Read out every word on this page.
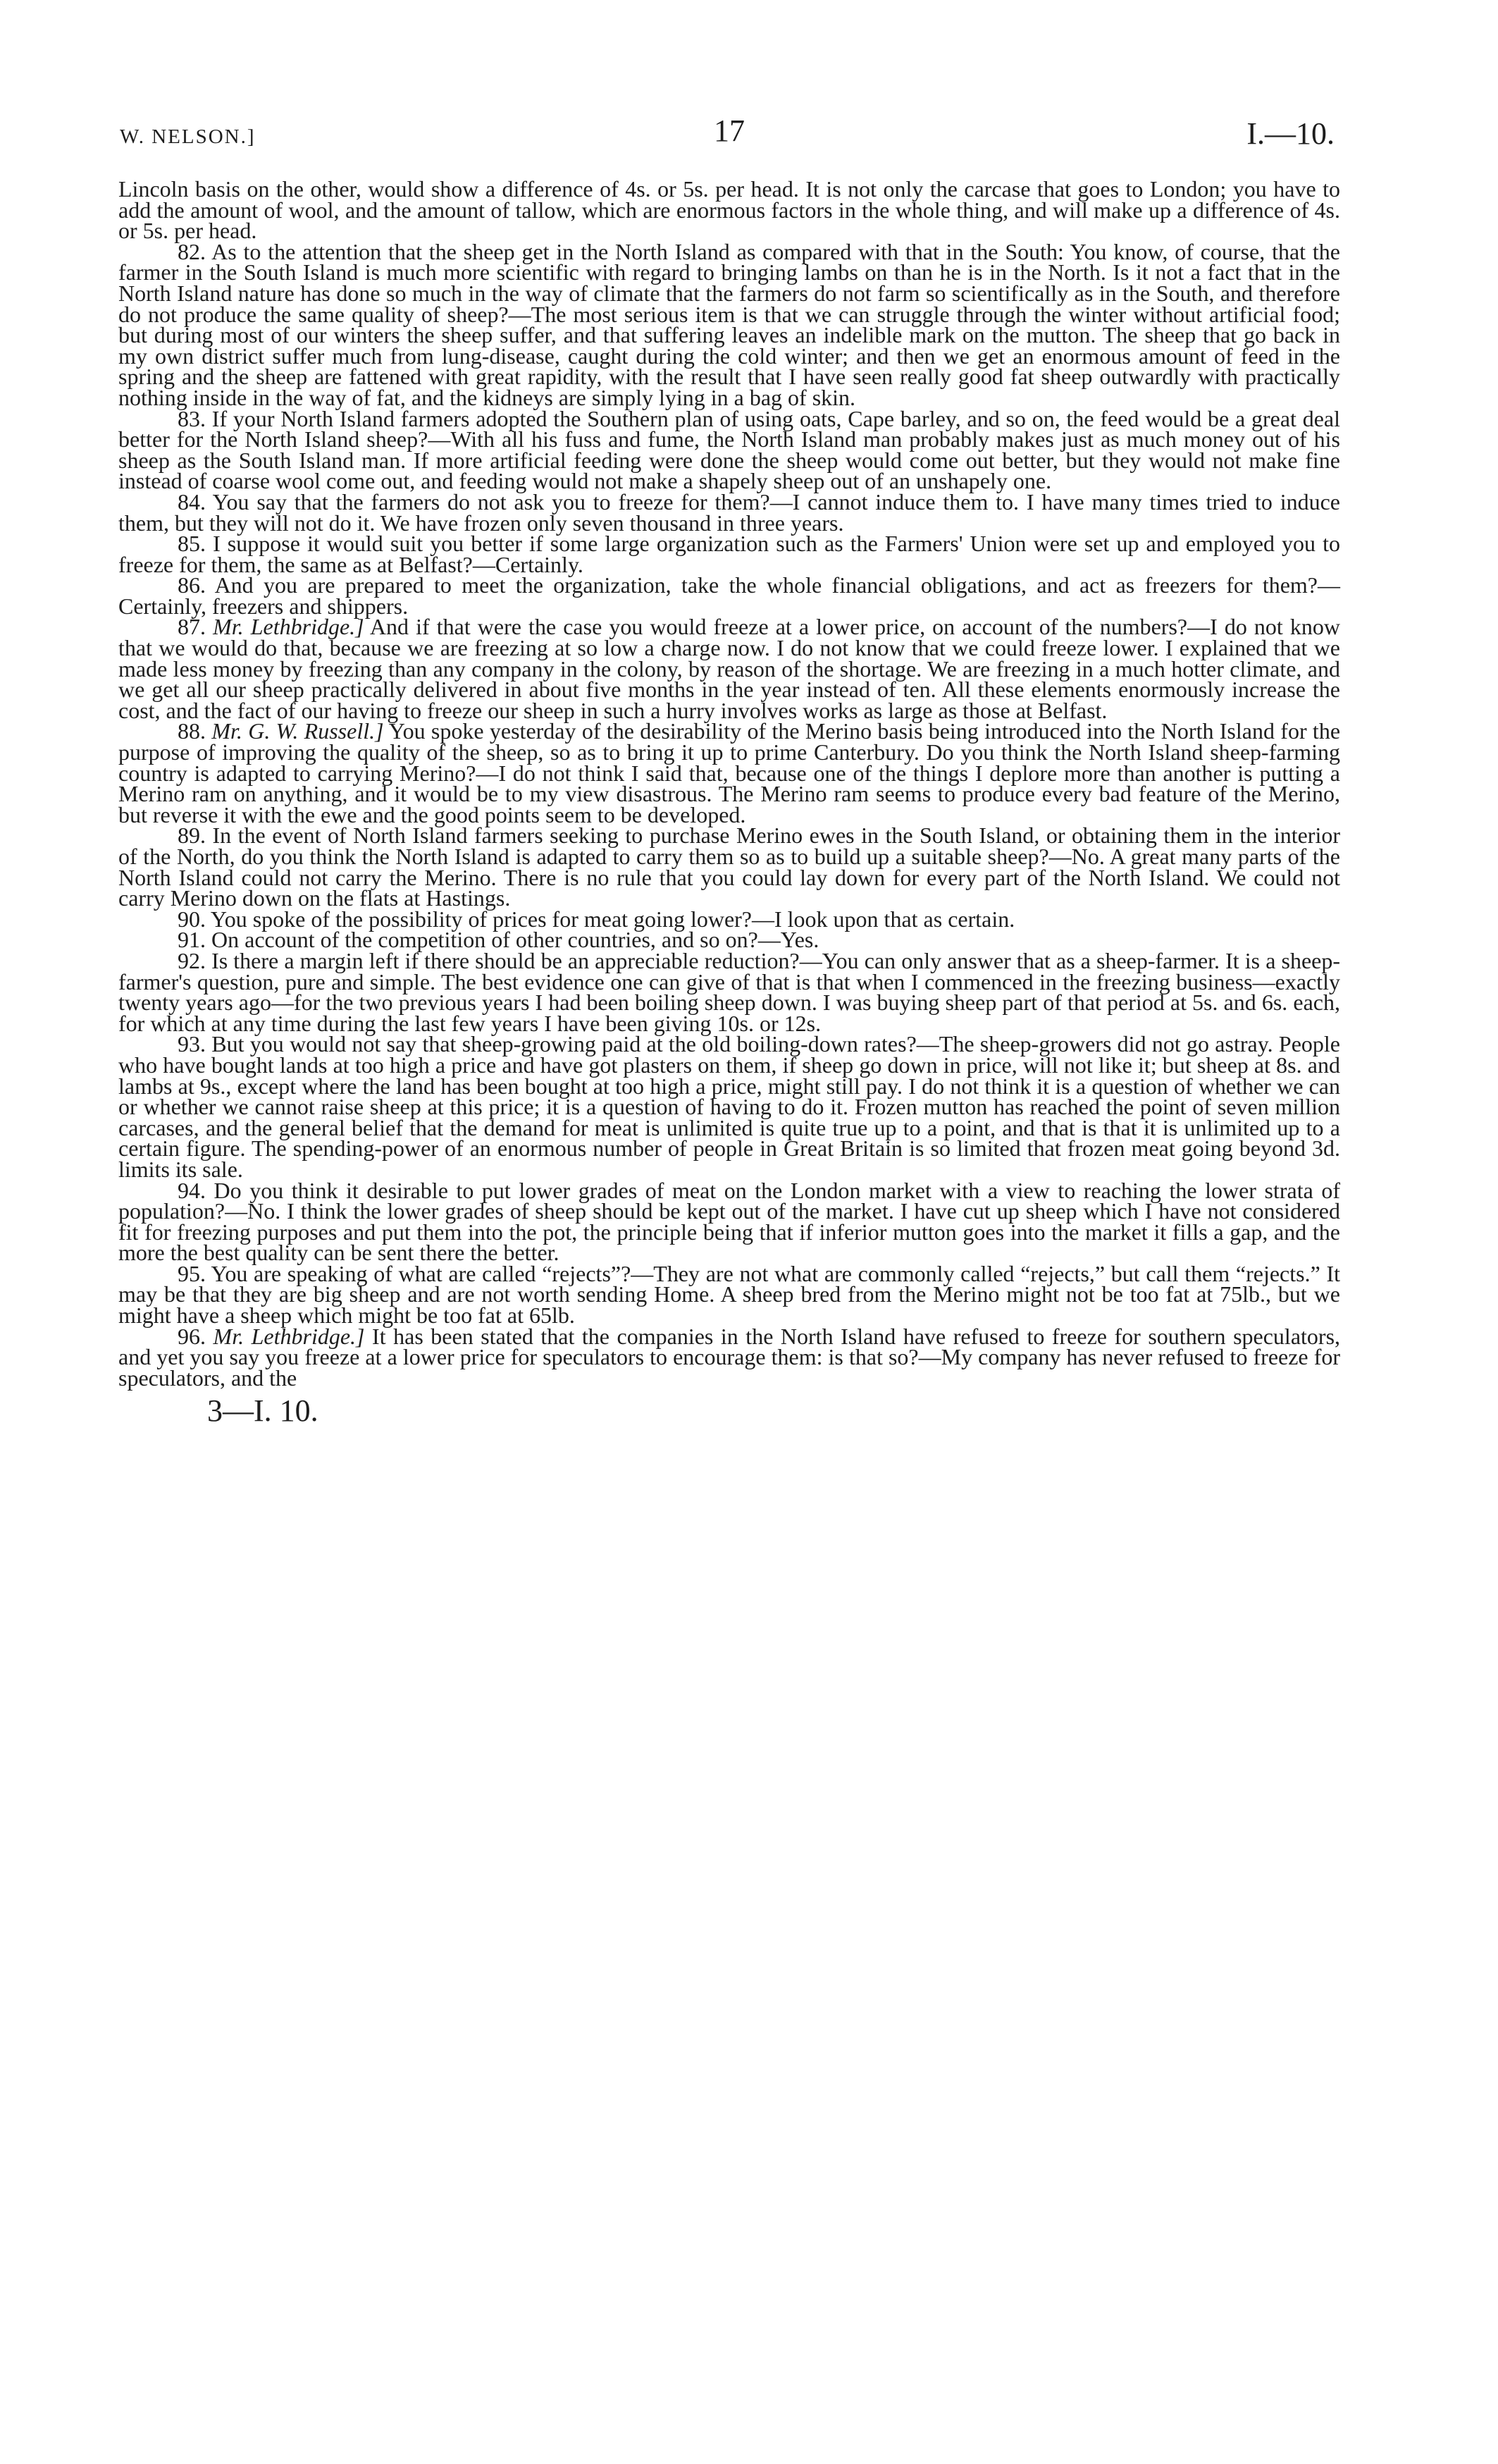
W. NELSON.]	17	I.—10.

Lincoln basis on the other, would show a difference of 4s. or 5s. per head. It is not only the carcase that goes to London; you have to add the amount of wool, and the amount of tallow, which are enormous factors in the whole thing, and will make up a difference of 4s. or 5s. per head.

82. As to the attention that the sheep get in the North Island as compared with that in the South: You know, of course, that the farmer in the South Island is much more scientific with regard to bringing lambs on than he is in the North. Is it not a fact that in the North Island nature has done so much in the way of climate that the farmers do not farm so scientifically as in the South, and therefore do not produce the same quality of sheep?—The most serious item is that we can struggle through the winter without artificial food; but during most of our winters the sheep suffer, and that suffering leaves an indelible mark on the mutton. The sheep that go back in my own district suffer much from lung-disease, caught during the cold winter; and then we get an enormous amount of feed in the spring and the sheep are fattened with great rapidity, with the result that I have seen really good fat sheep outwardly with practically nothing inside in the way of fat, and the kidneys are simply lying in a bag of skin.

83. If your North Island farmers adopted the Southern plan of using oats, Cape barley, and so on, the feed would be a great deal better for the North Island sheep?—With all his fuss and fume, the North Island man probably makes just as much money out of his sheep as the South Island man. If more artificial feeding were done the sheep would come out better, but they would not make fine instead of coarse wool come out, and feeding would not make a shapely sheep out of an unshapely one.

84. You say that the farmers do not ask you to freeze for them?—I cannot induce them to. I have many times tried to induce them, but they will not do it. We have frozen only seven thousand in three years.

85. I suppose it would suit you better if some large organization such as the Farmers' Union were set up and employed you to freeze for them, the same as at Belfast?—Certainly.

86. And you are prepared to meet the organization, take the whole financial obligations, and act as freezers for them?—Certainly, freezers and shippers.

87. Mr. Lethbridge.] And if that were the case you would freeze at a lower price, on account of the numbers?—I do not know that we would do that, because we are freezing at so low a charge now. I do not know that we could freeze lower. I explained that we made less money by freezing than any company in the colony, by reason of the shortage. We are freezing in a much hotter climate, and we get all our sheep practically delivered in about five months in the year instead of ten. All these elements enormously increase the cost, and the fact of our having to freeze our sheep in such a hurry involves works as large as those at Belfast.

88. Mr. G. W. Russell.] You spoke yesterday of the desirability of the Merino basis being introduced into the North Island for the purpose of improving the quality of the sheep, so as to bring it up to prime Canterbury. Do you think the North Island sheep-farming country is adapted to carrying Merino?—I do not think I said that, because one of the things I deplore more than another is putting a Merino ram on anything, and it would be to my view disastrous. The Merino ram seems to produce every bad feature of the Merino, but reverse it with the ewe and the good points seem to be developed.

89. In the event of North Island farmers seeking to purchase Merino ewes in the South Island, or obtaining them in the interior of the North, do you think the North Island is adapted to carry them so as to build up a suitable sheep?—No. A great many parts of the North Island could not carry the Merino. There is no rule that you could lay down for every part of the North Island. We could not carry Merino down on the flats at Hastings.

90. You spoke of the possibility of prices for meat going lower?—I look upon that as certain.

91. On account of the competition of other countries, and so on?—Yes.

92. Is there a margin left if there should be an appreciable reduction?—You can only answer that as a sheep-farmer. It is a sheep-farmer's question, pure and simple. The best evidence one can give of that is that when I commenced in the freezing business—exactly twenty years ago—for the two previous years I had been boiling sheep down. I was buying sheep part of that period at 5s. and 6s. each, for which at any time during the last few years I have been giving 10s. or 12s.

93. But you would not say that sheep-growing paid at the old boiling-down rates?—The sheep-growers did not go astray. People who have bought lands at too high a price and have got plasters on them, if sheep go down in price, will not like it; but sheep at 8s. and lambs at 9s., except where the land has been bought at too high a price, might still pay. I do not think it is a question of whether we can or whether we cannot raise sheep at this price; it is a question of having to do it. Frozen mutton has reached the point of seven million carcases, and the general belief that the demand for meat is unlimited is quite true up to a point, and that is that it is unlimited up to a certain figure. The spending-power of an enormous number of people in Great Britain is so limited that frozen meat going beyond 3d. limits its sale.

94. Do you think it desirable to put lower grades of meat on the London market with a view to reaching the lower strata of population?—No. I think the lower grades of sheep should be kept out of the market. I have cut up sheep which I have not considered fit for freezing purposes and put them into the pot, the principle being that if inferior mutton goes into the market it fills a gap, and the more the best quality can be sent there the better.

95. You are speaking of what are called “rejects”?—They are not what are commonly called “rejects,” but call them “rejects.” It may be that they are big sheep and are not worth sending Home. A sheep bred from the Merino might not be too fat at 75lb., but we might have a sheep which might be too fat at 65lb.

96. Mr. Lethbridge.] It has been stated that the companies in the North Island have refused to freeze for southern speculators, and yet you say you freeze at a lower price for speculators to encourage them: is that so?—My company has never refused to freeze for speculators, and the

3—I. 10.
